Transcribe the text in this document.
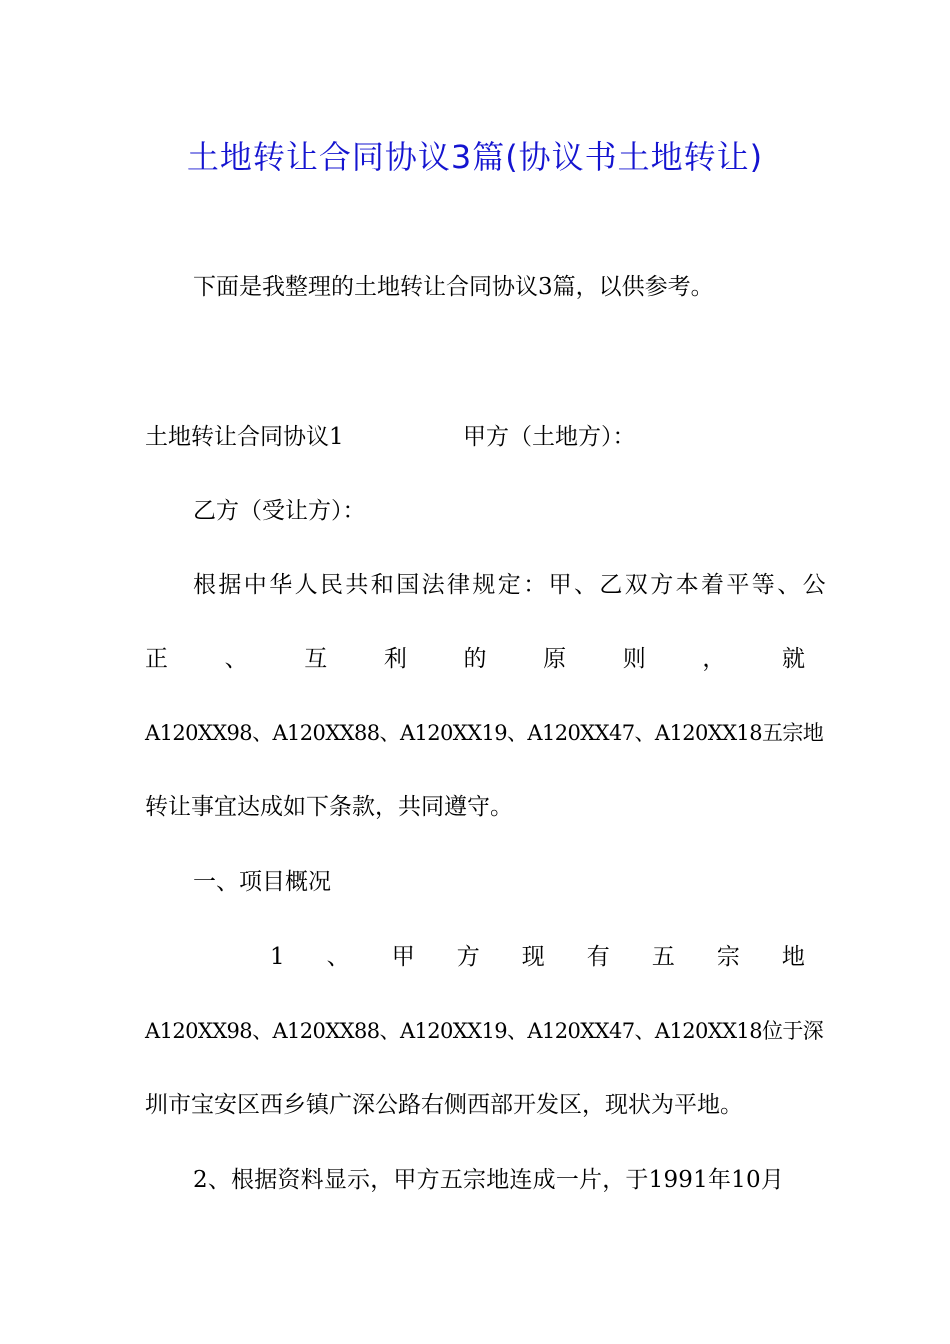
土地转让合同协议3篇(协议书土地转让)
下面是我整理的土地转让合同协议3篇，以供参考。
土地转让合同协议1	甲方（土地方）：
乙方（受让方）：
根据中华人民共和国法律规定：甲、乙双方本着平等、公
正 、 互 利 的 原 则 ， 就
A120XX98、A120XX88、A120XX19、A120XX47、A120XX18五宗地
转让事宜达成如下条款，共同遵守。
一、项目概况
1 、 甲 方 现 有 五 宗 地
A120XX98、A120XX88、A120XX19、A120XX47、A120XX18位于深
圳市宝安区西乡镇广深公路右侧西部开发区，现状为平地。
2、根据资料显示，甲方五宗地连成一片，于1991年10月
